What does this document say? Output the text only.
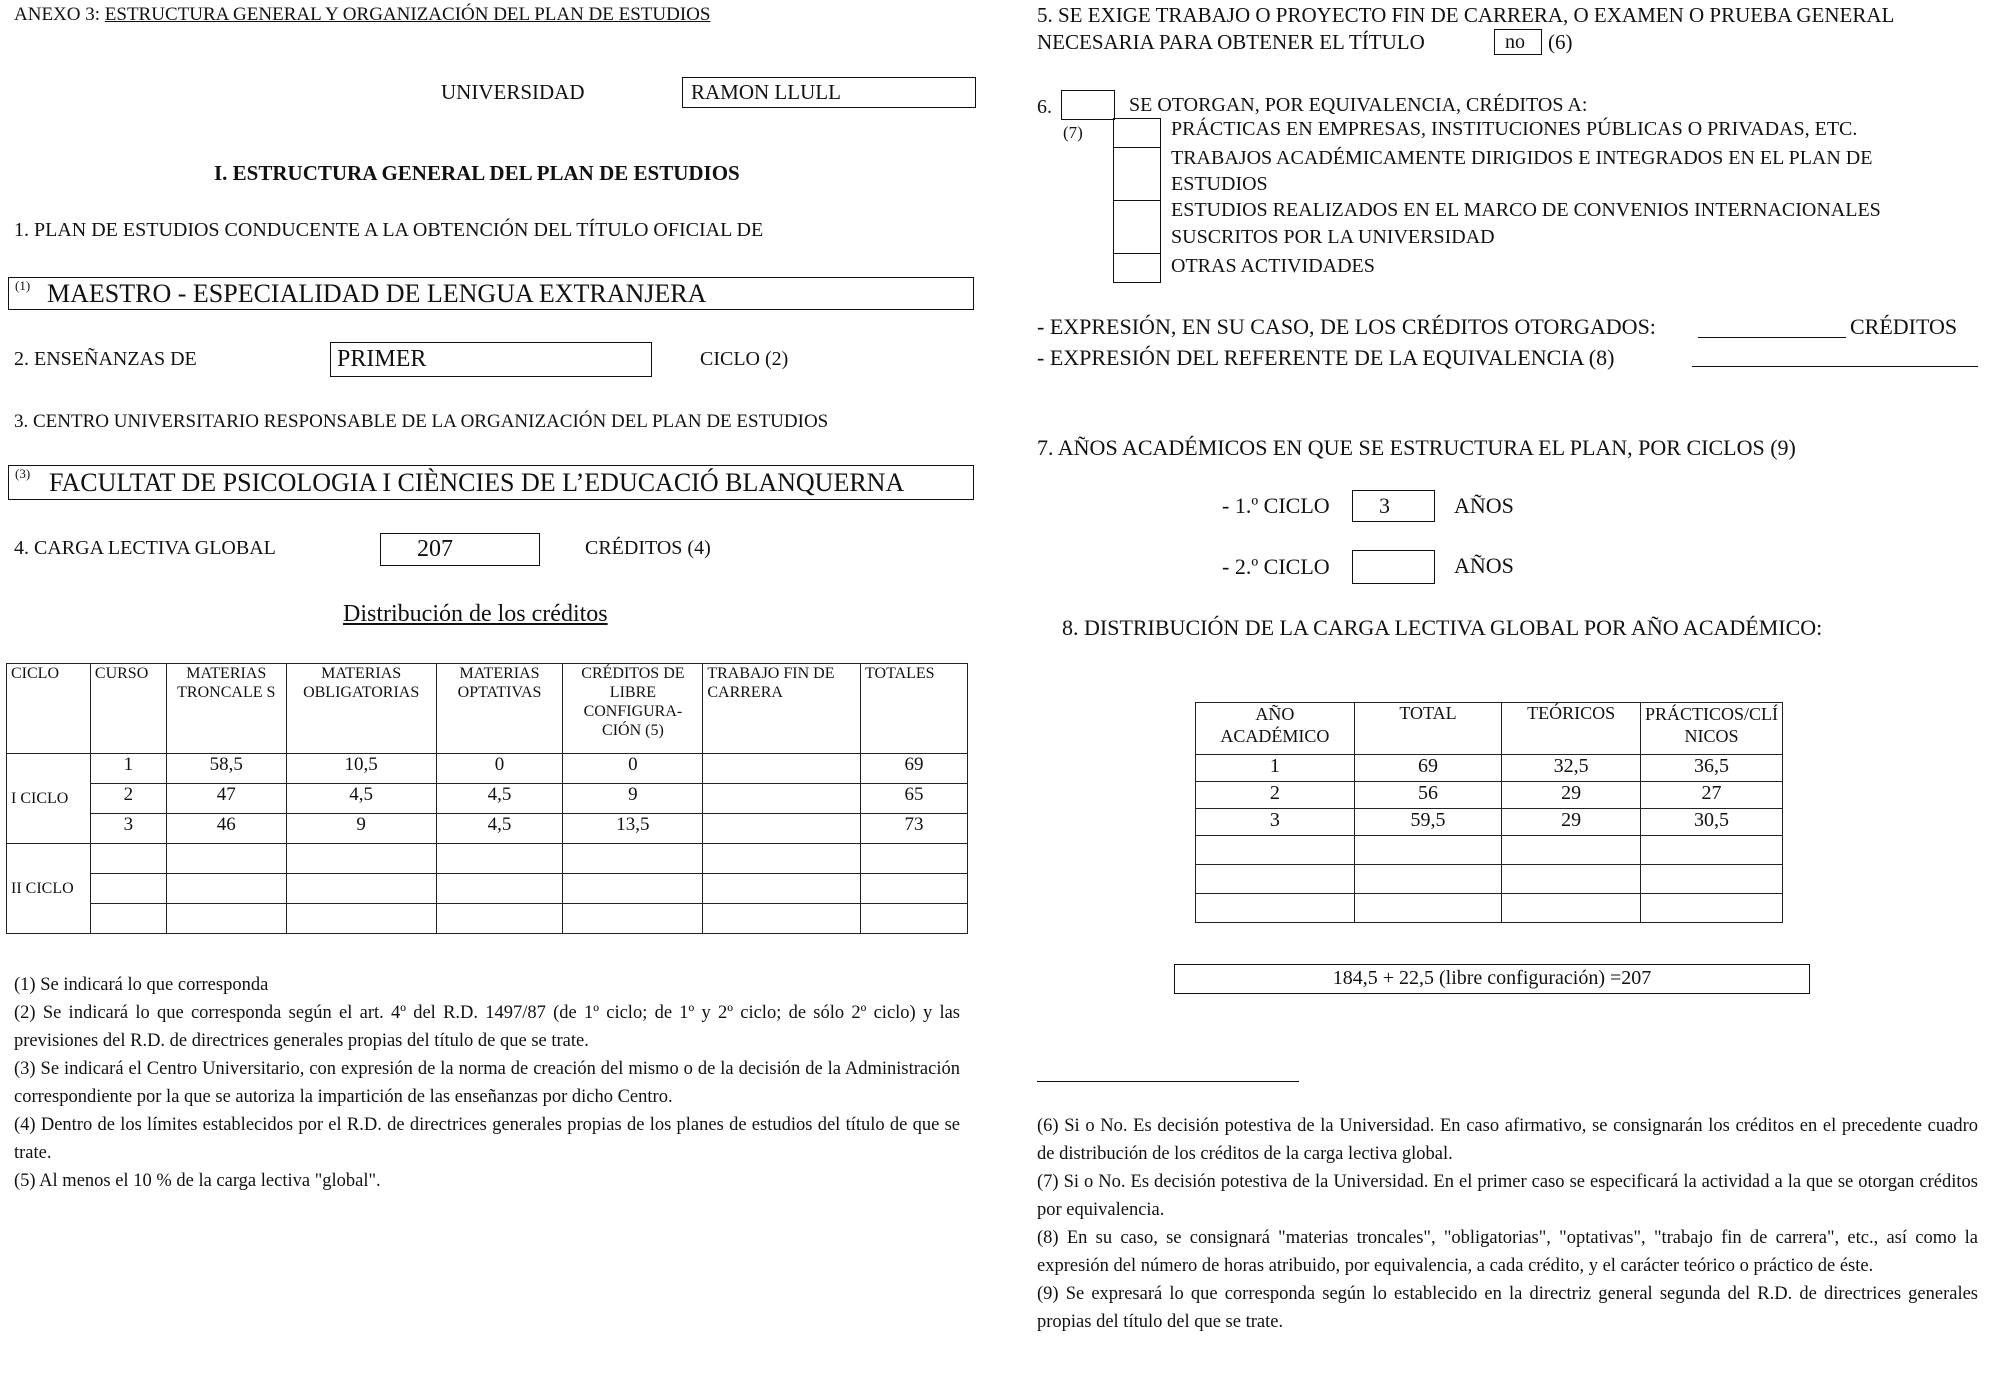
ANEXO 3: ESTRUCTURA GENERAL Y ORGANIZACIÓN DEL PLAN DE ESTUDIOS
UNIVERSIDAD	RAMON LLULL
I. ESTRUCTURA GENERAL DEL PLAN DE ESTUDIOS
1. PLAN DE ESTUDIOS CONDUCENTE A LA OBTENCIÓN DEL TÍTULO OFICIAL DE
(1) MAESTRO - ESPECIALIDAD DE LENGUA EXTRANJERA
2. ENSEÑANZAS DE	PRIMER	CICLO (2)
3. CENTRO UNIVERSITARIO RESPONSABLE DE LA ORGANIZACIÓN DEL PLAN DE ESTUDIOS
(3) FACULTAT DE PSICOLOGIA I CIÈNCIES DE L’EDUCACIÓ BLANQUERNA
4. CARGA LECTIVA GLOBAL	207	CRÉDITOS (4)
Distribución de los créditos
CICLO	CURSO	MATERIAS TRONCALE S	MATERIAS OBLIGATORIAS	MATERIAS OPTATIVAS	CRÉDITOS DE LIBRE CONFIGURA-CIÓN (5)	TRABAJO FIN DE CARRERA	TOTALES
I CICLO	1	58,5	10,5	0	0		69
	2	47	4,5	4,5	9		65
	3	46	9	4,5	13,5		73
II CICLO							

(1) Se indicará lo que corresponda
(2) Se indicará lo que corresponda según el art. 4º del R.D. 1497/87 (de 1º ciclo; de 1º y 2º ciclo; de sólo 2º ciclo) y las previsiones del R.D. de directrices generales propias del título de que se trate.
(3) Se indicará el Centro Universitario, con expresión de la norma de creación del mismo o de la decisión de la Administración correspondiente por la que se autoriza la impartición de las enseñanzas por dicho Centro.
(4) Dentro de los límites establecidos por el R.D. de directrices generales propias de los planes de estudios del título de que se trate.
(5) Al menos el 10 % de la carga lectiva "global".
5. SE EXIGE TRABAJO O PROYECTO FIN DE CARRERA, O EXAMEN O PRUEBA GENERAL
NECESARIA PARA OBTENER EL TÍTULO	no (6)
6.
(7)
SE OTORGAN, POR EQUIVALENCIA, CRÉDITOS A:
PRÁCTICAS EN EMPRESAS, INSTITUCIONES PÚBLICAS O PRIVADAS, ETC.
TRABAJOS ACADÉMICAMENTE DIRIGIDOS E INTEGRADOS EN EL PLAN DE
ESTUDIOS
ESTUDIOS REALIZADOS EN EL MARCO DE CONVENIOS INTERNACIONALES
SUSCRITOS POR LA UNIVERSIDAD
OTRAS ACTIVIDADES
- EXPRESIÓN, EN SU CASO, DE LOS CRÉDITOS OTORGADOS:	CRÉDITOS
- EXPRESIÓN DEL REFERENTE DE LA EQUIVALENCIA (8)
7. AÑOS ACADÉMICOS EN QUE SE ESTRUCTURA EL PLAN, POR CICLOS (9)
- 1.º CICLO 3	AÑOS
- 2.º CICLO	AÑOS
8. DISTRIBUCIÓN DE LA CARGA LECTIVA GLOBAL POR AÑO ACADÉMICO:
AÑO ACADÉMICO	TOTAL	TEÓRICOS	PRÁCTICOS/CLÍ NICOS
1	69	32,5	36,5
2	56	29	27
3	59,5	29	30,5

184,5 + 22,5 (libre configuración) =207
(6) Si o No. Es decisión potestiva de la Universidad. En caso afirmativo, se consignarán los créditos en el precedente cuadro de distribución de los créditos de la carga lectiva global.
(7) Si o No. Es decisión potestiva de la Universidad. En el primer caso se especificará la actividad a la que se otorgan créditos por equivalencia.
(8) En su caso, se consignará "materias troncales", "obligatorias", "optativas", "trabajo fin de carrera", etc., así como la expresión del número de horas atribuido, por equivalencia, a cada crédito, y el carácter teórico o práctico de éste.
(9) Se expresará lo que corresponda según lo establecido en la directriz general segunda del R.D. de directrices generales propias del título del que se trate.
